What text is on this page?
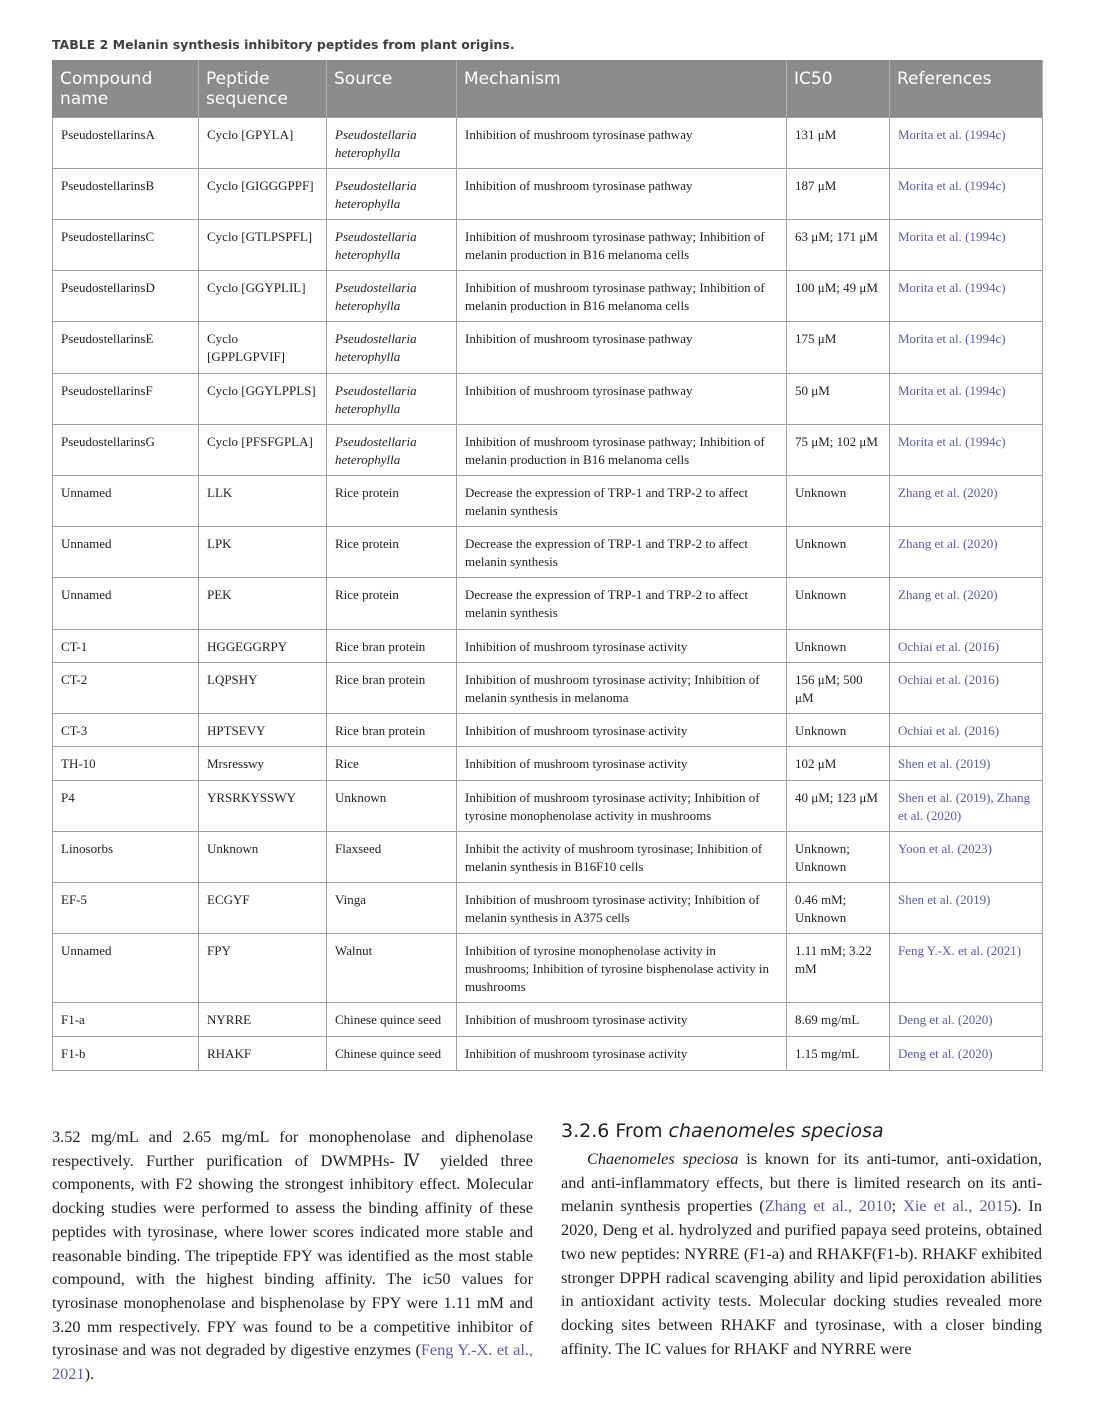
TABLE 2 Melanin synthesis inhibitory peptides from plant origins.
Compound name	Peptide sequence	Source	Mechanism	IC50	References
PseudostellarinsA	Cyclo [GPYLA]	Pseudostellaria heterophylla	Inhibition of mushroom tyrosinase pathway	131 μM	Morita et al. (1994c)
PseudostellarinsB	Cyclo [GIGGGPPF]	Pseudostellaria heterophylla	Inhibition of mushroom tyrosinase pathway	187 μM	Morita et al. (1994c)
PseudostellarinsC	Cyclo [GTLPSPFL]	Pseudostellaria heterophylla	Inhibition of mushroom tyrosinase pathway; Inhibition of melanin production in B16 melanoma cells	63 μM; 171 μM	Morita et al. (1994c)
PseudostellarinsD	Cyclo [GGYPLIL]	Pseudostellaria heterophylla	Inhibition of mushroom tyrosinase pathway; Inhibition of melanin production in B16 melanoma cells	100 μM; 49 μM	Morita et al. (1994c)
PseudostellarinsE	Cyclo [GPPLGPVIF]	Pseudostellaria heterophylla	Inhibition of mushroom tyrosinase pathway	175 μM	Morita et al. (1994c)
PseudostellarinsF	Cyclo [GGYLPPLS]	Pseudostellaria heterophylla	Inhibition of mushroom tyrosinase pathway	50 μM	Morita et al. (1994c)
PseudostellarinsG	Cyclo [PFSFGPLA]	Pseudostellaria heterophylla	Inhibition of mushroom tyrosinase pathway; Inhibition of melanin production in B16 melanoma cells	75 μM; 102 μM	Morita et al. (1994c)
Unnamed	LLK	Rice protein	Decrease the expression of TRP-1 and TRP-2 to affect melanin synthesis	Unknown	Zhang et al. (2020)
Unnamed	LPK	Rice protein	Decrease the expression of TRP-1 and TRP-2 to affect melanin synthesis	Unknown	Zhang et al. (2020)
Unnamed	PEK	Rice protein	Decrease the expression of TRP-1 and TRP-2 to affect melanin synthesis	Unknown	Zhang et al. (2020)
CT-1	HGGEGGRPY	Rice bran protein	Inhibition of mushroom tyrosinase activity	Unknown	Ochiai et al. (2016)
CT-2	LQPSHY	Rice bran protein	Inhibition of mushroom tyrosinase activity; Inhibition of melanin synthesis in melanoma	156 μM; 500 μM	Ochiai et al. (2016)
CT-3	HPTSEVY	Rice bran protein	Inhibition of mushroom tyrosinase activity	Unknown	Ochiai et al. (2016)
TH-10	Mrsresswy	Rice	Inhibition of mushroom tyrosinase activity	102 μM	Shen et al. (2019)
P4	YRSRKYSSWY	Unknown	Inhibition of mushroom tyrosinase activity; Inhibition of tyrosine monophenolase activity in mushrooms	40 μM; 123 μM	Shen et al. (2019), Zhang et al. (2020)
Linosorbs	Unknown	Flaxseed	Inhibit the activity of mushroom tyrosinase; Inhibition of melanin synthesis in B16F10 cells	Unknown; Unknown	Yoon et al. (2023)
EF-5	ECGYF	Vinga	Inhibition of mushroom tyrosinase activity; Inhibition of melanin synthesis in A375 cells	0.46 mM; Unknown	Shen et al. (2019)
Unnamed	FPY	Walnut	Inhibition of tyrosine monophenolase activity in mushrooms; Inhibition of tyrosine bisphenolase activity in mushrooms	1.11 mM; 3.22 mM	Feng Y.-X. et al. (2021)
F1-a	NYRRE	Chinese quince seed	Inhibition of mushroom tyrosinase activity	8.69 mg/mL	Deng et al. (2020)
F1-b	RHAKF	Chinese quince seed	Inhibition of mushroom tyrosinase activity	1.15 mg/mL	Deng et al. (2020)
3.52 mg/mL and 2.65 mg/mL for monophenolase and diphenolase respectively. Further purification of DWMPHs-Ⅳ yielded three components, with F2 showing the strongest inhibitory effect. Molecular docking studies were performed to assess the binding affinity of these peptides with tyrosinase, where lower scores indicated more stable and reasonable binding. The tripeptide FPY was identified as the most stable compound, with the highest binding affinity. The ic50 values for tyrosinase monophenolase and bisphenolase by FPY were 1.11 mM and 3.20 mm respectively. FPY was found to be a competitive inhibitor of tyrosinase and was not degraded by digestive enzymes (Feng Y.-X. et al., 2021).
3.2.6 From chaenomeles speciosa
Chaenomeles speciosa is known for its anti-tumor, anti-oxidation, and anti-inflammatory effects, but there is limited research on its anti-melanin synthesis properties (Zhang et al., 2010; Xie et al., 2015). In 2020, Deng et al. hydrolyzed and purified papaya seed proteins, obtained two new peptides: NYRRE (F1-a) and RHAKF(F1-b). RHAKF exhibited stronger DPPH radical scavenging ability and lipid peroxidation abilities in antioxidant activity tests. Molecular docking studies revealed more docking sites between RHAKF and tyrosinase, with a closer binding affinity. The IC values for RHAKF and NYRRE were
